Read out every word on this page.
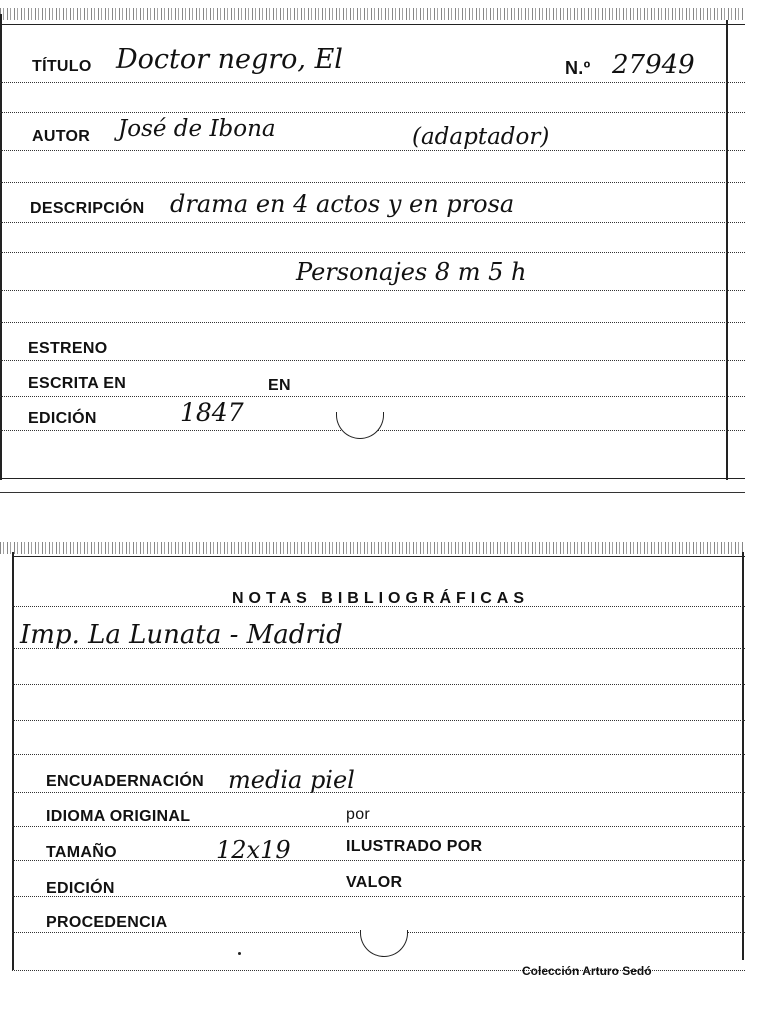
TÍTULO Doctor negro, El	N.º 27949
AUTOR José de Ibona	(adaptador)
DESCRIPCIÓN drama en 4 actos y en prosa
Personajes 8 m 5 h
ESTRENO
ESCRITA EN	EN
EDICIÓN	1847
NOTAS BIBLIOGRÁFICAS
Imp. La Lunata - Madrid
ENCUADERNACIÓN media piel
IDIOMA ORIGINAL	por
TAMAÑO	12x19	ILUSTRADO POR
EDICIÓN	VALOR
PROCEDENCIA
Colección Arturo Sedó
